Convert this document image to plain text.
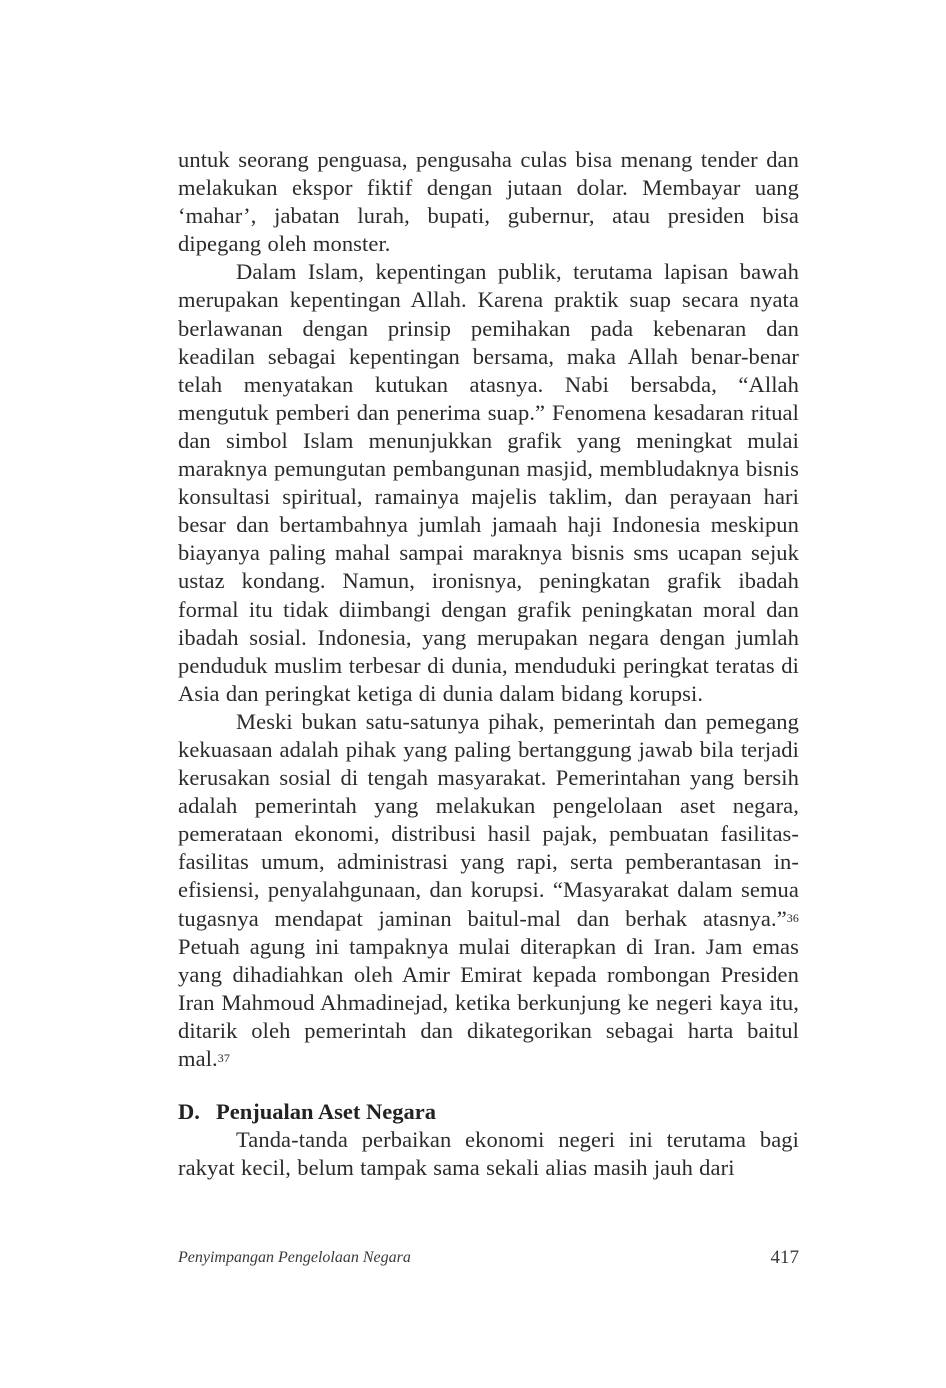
untuk seorang penguasa, pengusaha culas bisa menang tender dan melakukan ekspor fiktif dengan jutaan dolar. Membayar uang ‘mahar’, jabatan lurah, bupati, gubernur, atau presiden bisa dipegang oleh monster.

Dalam Islam, kepentingan publik, terutama lapisan bawah merupakan kepentingan Allah. Karena praktik suap secara nyata berlawanan dengan prinsip pemihakan pada kebenaran dan keadilan sebagai kepentingan bersama, maka Allah benar-benar telah menyatakan kutukan atasnya. Nabi bersabda, “Allah mengutuk pemberi dan penerima suap.” Fenomena kesadaran ritual dan simbol Islam menunjukkan grafik yang meningkat mulai maraknya pemungutan pembangunan masjid, membludaknya bisnis konsultasi spiritual, ramainya majelis taklim, dan perayaan hari besar dan bertambahnya jumlah jamaah haji Indonesia meskipun biayanya paling mahal sampai maraknya bisnis sms ucapan sejuk ustaz kondang. Namun, ironisnya, peningkatan grafik ibadah formal itu tidak diimbangi dengan grafik peningkatan moral dan ibadah sosial. Indonesia, yang merupakan negara dengan jumlah penduduk muslim terbesar di dunia, menduduki peringkat teratas di Asia dan peringkat ketiga di dunia dalam bidang korupsi.

Meski bukan satu-satunya pihak, pemerintah dan pemegang kekuasaan adalah pihak yang paling bertanggung jawab bila terjadi kerusakan sosial di tengah masyarakat. Pemerintahan yang bersih adalah pemerintah yang melakukan pengelolaan aset negara, pemerataan ekonomi, distribusi hasil pajak, pembuatan fasilitas-fasilitas umum, administrasi yang rapi, serta pemberantasan in-efisiensi, penyalahgunaan, dan korupsi. “Masyarakat dalam semua tugasnya mendapat jaminan baitul-mal dan berhak atasnya.”$^{36}$ Petuah agung ini tampaknya mulai diterapkan di Iran. Jam emas yang dihadiahkan oleh Amir Emirat kepada rombongan Presiden Iran Mahmoud Ahmadinejad, ketika berkunjung ke negeri kaya itu, ditarik oleh pemerintah dan dikategorikan sebagai harta baitul mal.$^{37}$

D. Penjualan Aset Negara

Tanda-tanda perbaikan ekonomi negeri ini terutama bagi rakyat kecil, belum tampak sama sekali alias masih jauh dari

Penyimpangan Pengelolaan Negara	417
